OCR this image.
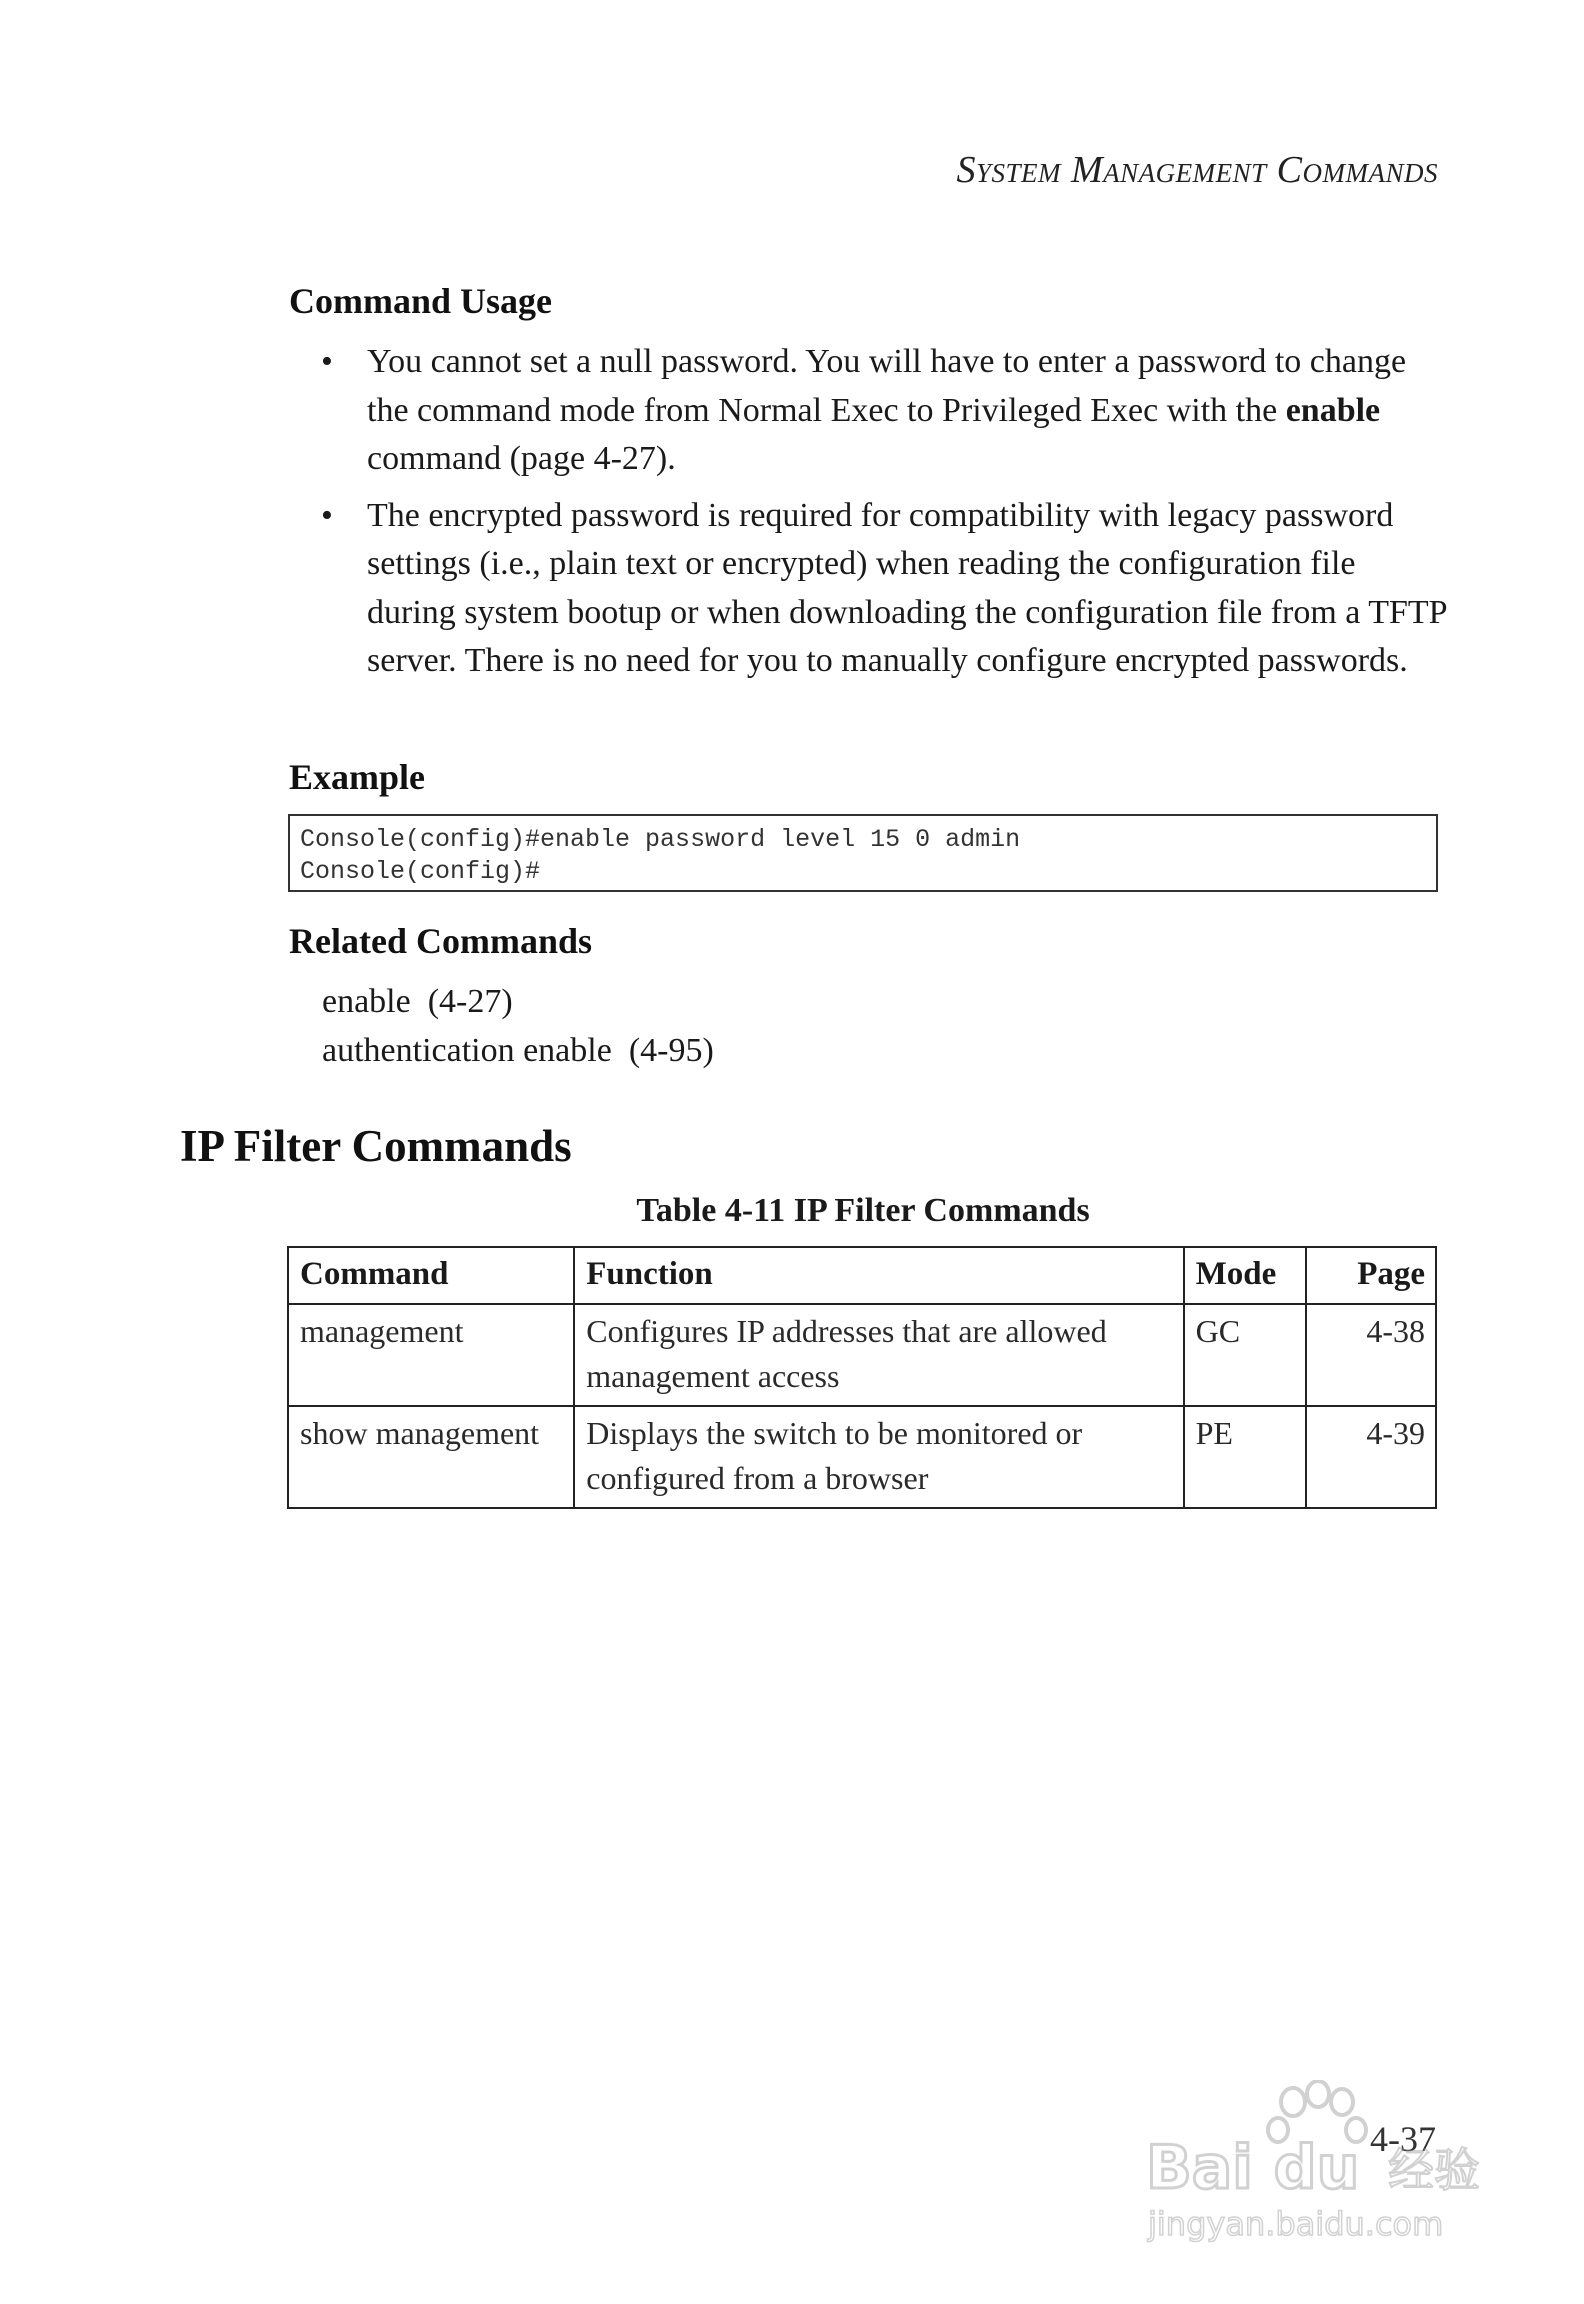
System Management Commands
Command Usage
• You cannot set a null password. You will have to enter a password to change the command mode from Normal Exec to Privileged Exec with the enable command (page 4-27).
• The encrypted password is required for compatibility with legacy password settings (i.e., plain text or encrypted) when reading the configuration file during system bootup or when downloading the configuration file from a TFTP server. There is no need for you to manually configure encrypted passwords.
Example
Console(config)#enable password level 15 0 admin
Console(config)#
Related Commands
enable  (4-27)
authentication enable  (4-95)
IP Filter Commands
Table 4-11 IP Filter Commands
Command	Function	Mode	Page
management	Configures IP addresses that are allowed management access	GC	4-38
show management	Displays the switch to be monitored or configured from a browser	PE	4-39
4-37
Bai du 经验
jingyan.baidu.com
